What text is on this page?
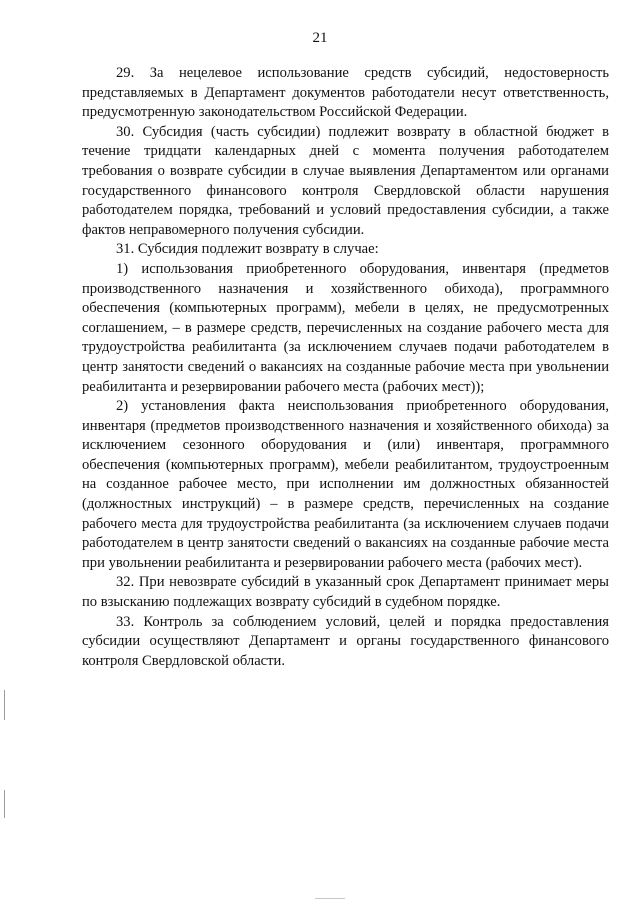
21

29. За нецелевое использование средств субсидий, недостоверность представляемых в Департамент документов работодатели несут ответственность, предусмотренную законодательством Российской Федерации.

30. Субсидия (часть субсидии) подлежит возврату в областной бюджет в течение тридцати календарных дней с момента получения работодателем требования о возврате субсидии в случае выявления Департаментом или органами государственного финансового контроля Свердловской области нарушения работодателем порядка, требований и условий предоставления субсидии, а также фактов неправомерного получения субсидии.

31. Субсидия подлежит возврату в случае:

1) использования приобретенного оборудования, инвентаря (предметов производственного назначения и хозяйственного обихода), программного обеспечения (компьютерных программ), мебели в целях, не предусмотренных соглашением, – в размере средств, перечисленных на создание рабочего места для трудоустройства реабилитанта (за исключением случаев подачи работодателем в центр занятости сведений о вакансиях на созданные рабочие места при увольнении реабилитанта и резервировании рабочего места (рабочих мест));

2) установления факта неиспользования приобретенного оборудования, инвентаря (предметов производственного назначения и хозяйственного обихода) за исключением сезонного оборудования и (или) инвентаря, программного обеспечения (компьютерных программ), мебели реабилитантом, трудоустроенным на созданное рабочее место, при исполнении им должностных обязанностей (должностных инструкций) – в размере средств, перечисленных на создание рабочего места для трудоустройства реабилитанта (за исключением случаев подачи работодателем в центр занятости сведений о вакансиях на созданные рабочие места при увольнении реабилитанта и резервировании рабочего места (рабочих мест).

32. При невозврате субсидий в указанный срок Департамент принимает меры по взысканию подлежащих возврату субсидий в судебном порядке.

33. Контроль за соблюдением условий, целей и порядка предоставления субсидии осуществляют Департамент и органы государственного финансового контроля Свердловской области.
